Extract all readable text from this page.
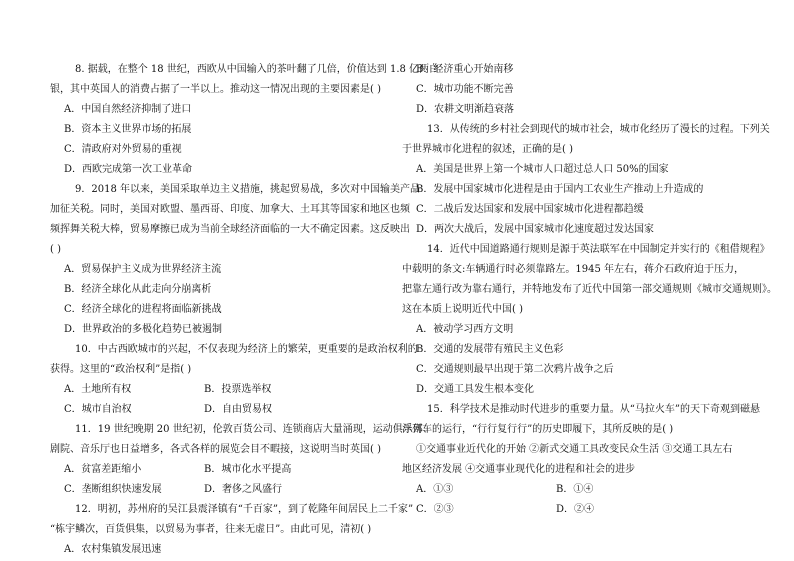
8. 据载，在整个 18 世纪，西欧从中国输入的茶叶翻了几倍，价值达到 1.8 亿两白
银，其中英国人的消费占据了一半以上。推动这一情况出现的主要因素是( )
A．中国自然经济抑制了进口
B．资本主义世界市场的拓展
C．清政府对外贸易的重视
D．西欧完成第一次工业革命
9．2018 年以来，美国采取单边主义措施，挑起贸易战，多次对中国输美产品
加征关税。同时，美国对欧盟、墨西哥、印度、加拿大、土耳其等国家和地区也频
频挥舞关税大棒，贸易摩擦已成为当前全球经济面临的一大不确定因素。这反映出
( )
A．贸易保护主义成为世界经济主流
B．经济全球化从此走向分崩离析
C．经济全球化的进程将面临新挑战
D．世界政治的多极化趋势已被遏制
10．中古西欧城市的兴起，不仅表现为经济上的繁荣，更重要的是政治权利的
获得。这里的“政治权利”是指( )
A．土地所有权	B．投票选举权
C．城市自治权	D．自由贸易权
11．19 世纪晚期 20 世纪初，伦敦百货公司、连锁商店大量涌现，运动俱乐部、
剧院、音乐厅也日益增多，各式各样的展览会目不暇接，这说明当时英国( )
A．贫富差距缩小	B．城市化水平提高
C．垄断组织快速发展	D．奢侈之风盛行
12．明初，苏州府的吴江县震泽镇有“千百家”，到了乾隆年间居民上二千家”
“栋宇鳞次，百货俱集，以贸易为事者，往来无虚日”。由此可见，清初( )
A．农村集镇发展迅速
B．经济重心开始南移
C．城市功能不断完善
D．农耕文明渐趋衰落
13．从传统的乡村社会到现代的城市社会，城市化经历了漫长的过程。下列关
于世界城市化进程的叙述，正确的是( )
A．美国是世界上第一个城市人口超过总人口 50%的国家
B．发展中国家城市化进程是由于国内工农业生产推动上升造成的
C．二战后发达国家和发展中国家城市化进程都趋缓
D．两次大战后，发展中国家城市化速度超过发达国家
14．近代中国道路通行规则是源于英法联军在中国制定并实行的《租借规程》
中载明的条文:车辆通行时必须靠路左。1945 年左右，蒋介石政府迫于压力，
把靠左通行改为靠右通行，并特地发布了近代中国第一部交通规则《城市交通规则》。
这在本质上说明近代中国( )
A．被动学习西方文明
B．交通的发展带有殖民主义色彩
C．交通规则最早出现于第二次鸦片战争之后
D．交通工具发生根本变化
15．科学技术是推动时代进步的重要力量。从“马拉火车”的天下奇观到磁悬
浮列车的运行，“行行复行行”的历史即履下，其所反映的是( )
①交通事业近代化的开始 ②新式交通工具改变民众生活 ③交通工具左右
地区经济发展 ④交通事业现代化的进程和社会的进步
A．①③	B．①④
C．②③	D．②④
